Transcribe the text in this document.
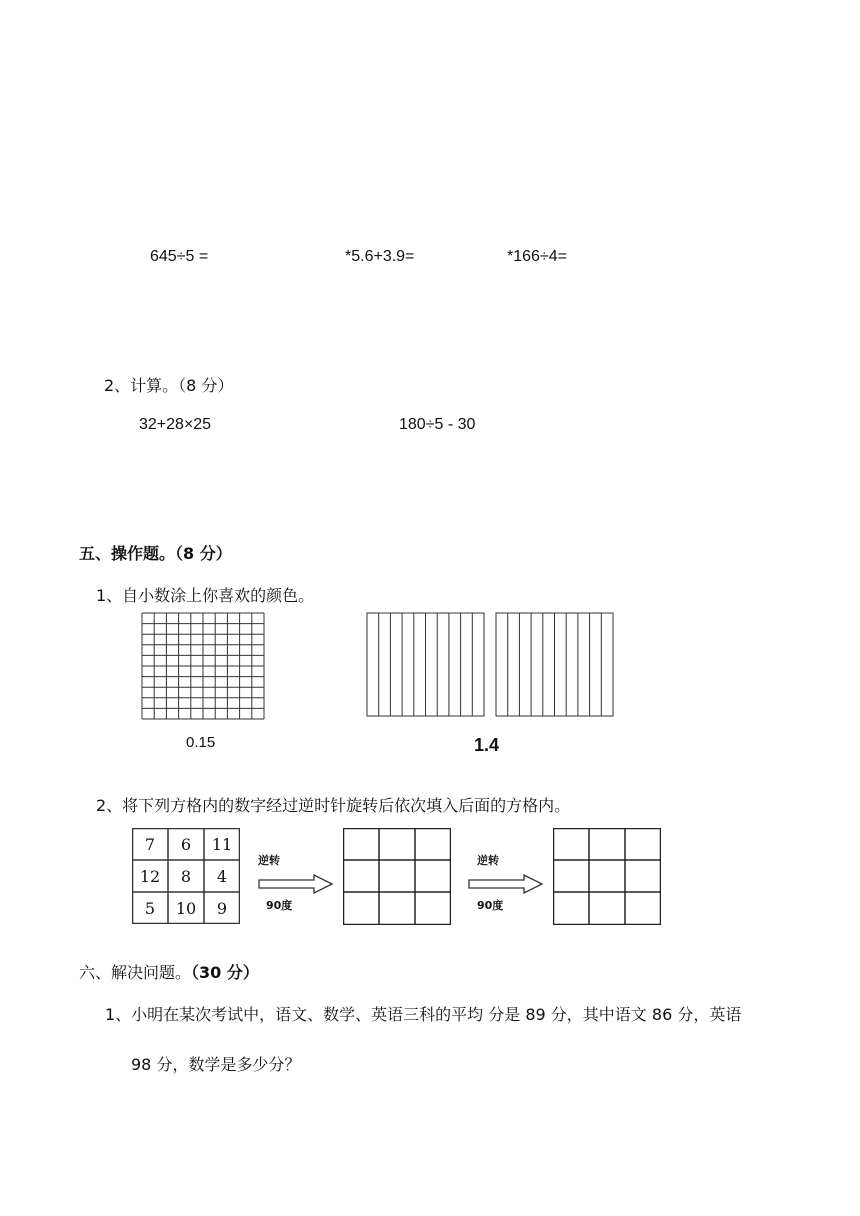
645÷5 =	*5.6+3.9=	*166÷4=
2、计算。（8 分）
32+28×25	180÷5 - 30
五、操作题。（8 分）
1、自小数涂上你喜欢的颜色。
0.15	1.4
2、将下列方格内的数字经过逆时针旋转后依次填入后面的方格内。
7	6	11
12	8	4
5	10	9
逆转
90度
逆转
90度
六、解决问题。（30 分）
1、小明在某次考试中，语文、数学、英语三科的平均 分是 89 分，其中语文 86 分，英语
98 分，数学是多少分？
